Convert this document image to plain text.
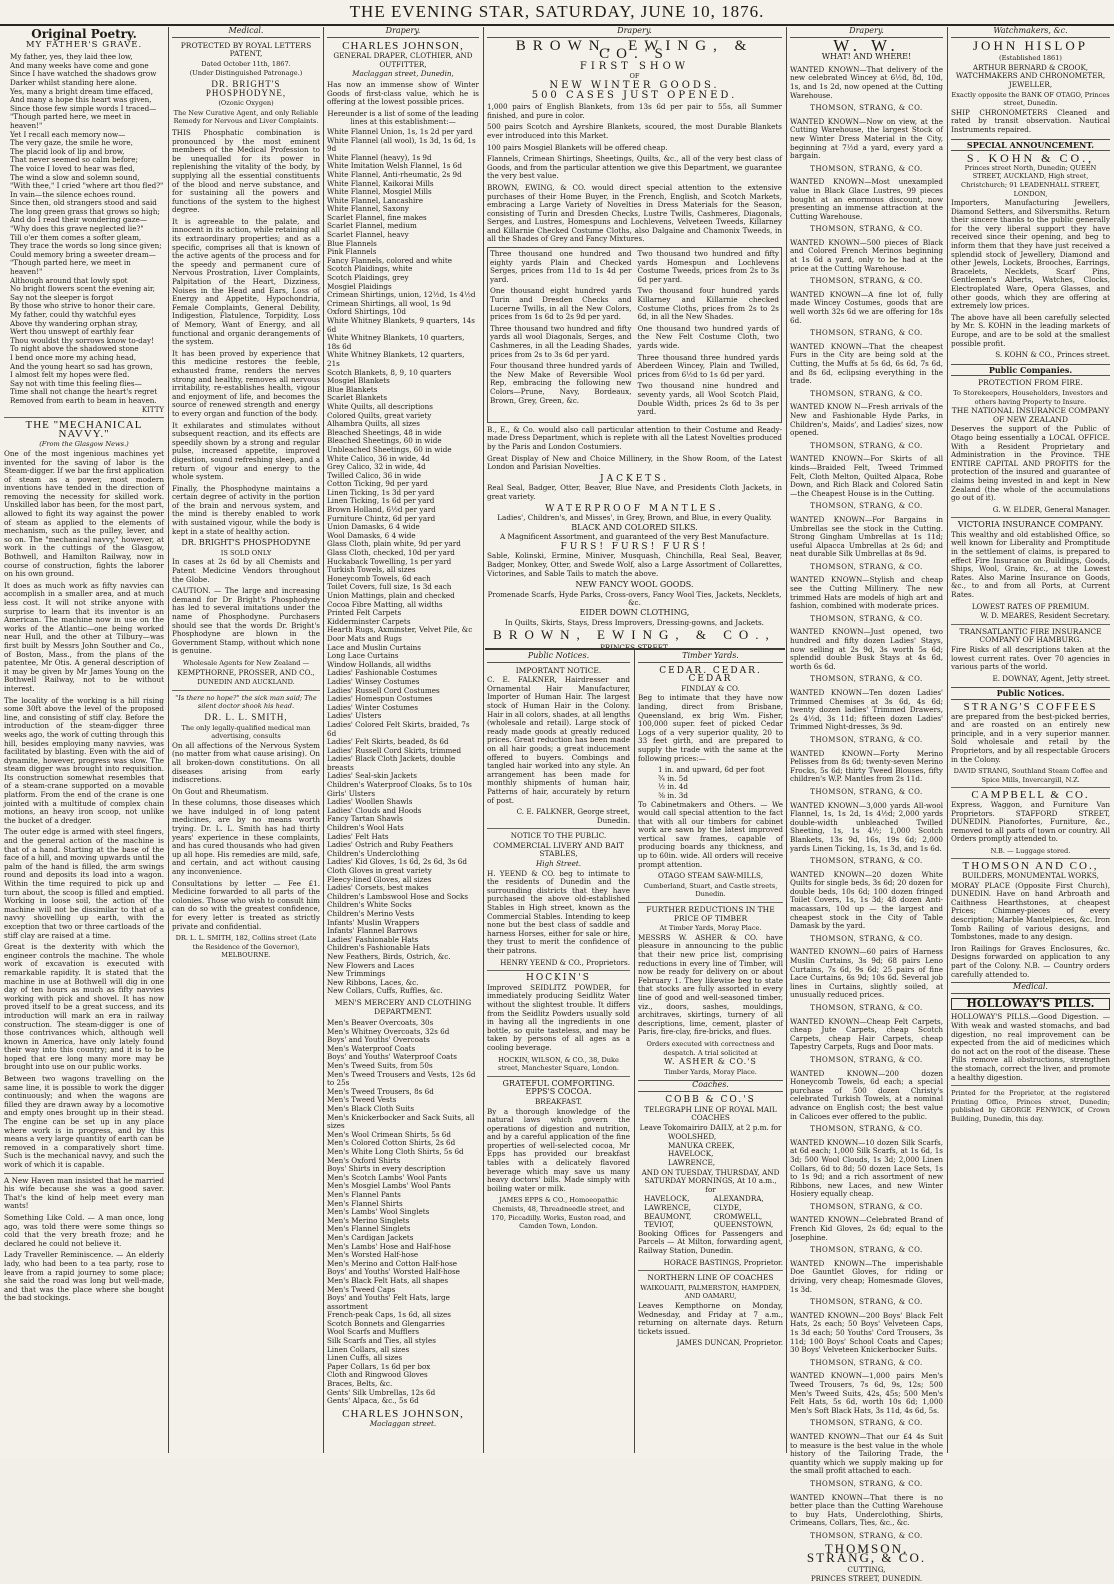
THE EVENING STAR, SATURDAY, JUNE 10, 1876.
Original Poetry.
MY FATHER'S GRAVE.

My father, yes, they laid thee low,

And many weeks have come and gone

Since I have watched the shadows grow

Darker whilst standing here alone.

Yes, many a bright dream time effaced,

And many a hope this heart was given,

Since those few simple words I traced—

"Though parted here, we meet in heaven!"

Yet I recall each memory now—

The very gaze, the smile he wore,

The placid look of lip and brow,

That never seemed so calm before;

The voice I loved to hear was fled,

The wind a slow and solemn sound,

"With thee," I cried "where art thou fled?"

In vain—the silence echoes round.

Since then, old strangers stood and said

The long green grass that grows so high;

And do I read their wondering gaze—

"Why does this grave neglected lie?"

Till o'er them comes a softer gleam,

They trace the words so long since given;

Could memory bring a sweeter dream—

"Though parted here, we meet in heaven!"

Although around that lowly spot

No bright flowers scent the evening air,

Say not the sleeper is forgot

By those who strive to honor their care.

My father, could thy watchful eyes

Above thy wandering orphan stray,

Wert thou unswept of earthly fear

Thou wouldst thy sorrows know to-day!

To night above the shadowed stone

I bend once more my aching head,

And the young heart so sad has grown,

I almost felt my hopes were fled.

Say not with time this feeling flies—

Time shall not change the heart's regret

Removed from earth to beam in heaven.

KITTY
THE "MECHANICAL NAVVY."
(From the Glasgow News.)
One of the most ingenious machines yet invented for the saving of labor is the Steam-digger. If we bar the first application of steam as a power, most modern inventions have tended in the direction of removing the necessity for skilled work. Unskilled labor has been, for the most part, allowed to fight its way against the power of steam as applied to the elements of mechanism, such as the pulley, lever, and so on. The "mechanical navvy," however, at work in the cuttings of the Glasgow, Bothwell, and Hamilton Railway, now in course of construction, fights the laborer on his own ground.
It does as much work as fifty navvies can accomplish in a smaller area, and at much less cost. It will not strike anyone with surprise to learn that its inventor is an American. The machine now in use on the works of the Atlantic—one being worked near Hull, and the other at Tilbury—was first built by Messrs John Souther and Co., of Boston, Mass., from the plans of the patentee, Mr Otis. A general description of it may be given by Mr James Young on the Bothwell Railway, not to be without interest.
The locality of the working is a hill rising some 30ft above the level of the proposed line, and consisting of stiff clay. Before the introduction of the steam-digger three weeks ago, the work of cutting through this hill, besides employing many navvies, was facilitated by blasting. Even with the aid of dynamite, however, progress was slow. The steam digger was brought into requisition. Its construction somewhat resembles that of a steam-crane supported on a movable platform. From the end of the crane is one jointed with a multitude of complex chain motions, an heavy iron scoop, not unlike the bucket of a dredger.
The outer edge is armed with steel fingers, and the general action of the machine is that of a hand. Starting at the base of the face of a hill, and moving upwards until the palm of the hand is filled, the arm swings round and deposits its load into a wagon. Within the time required to pick up and turn about, the scoop is filled and emptied. Working in loose soil, the action of the machine will not be dissimilar to that of a navvy shovelling up earth, with the exception that two or three cartloads of the stiff clay are raised at a time.
Great is the dexterity with which the engineer controls the machine. The whole work of excavation is executed with remarkable rapidity. It is stated that the machine in use at Bothwell will dig in one day of ten hours as much as fifty navvies working with pick and shovel. It has now proved itself to be a great success, and its introduction will mark an era in railway construction. The steam-digger is one of those contrivances which, although well known in America, have only lately found their way into this country; and it is to be hoped that ere long many more may be brought into use on our public works.
Between two wagons travelling on the same line, it is possible to work the digger continuously; and when the wagons are filled they are drawn away by a locomotive and empty ones brought up in their stead. The engine can be set up in any place where work is in progress, and by this means a very large quantity of earth can be removed in a comparatively short time. Such is the mechanical navvy, and such the work of which it is capable.
A New Haven man insisted that he married his wife because she was a good saver. That's the kind of help meet every man wants!
Something Like Cold. — A man once, long ago, was told there were some things so cold that the very breath froze; and he declared he could not believe it.
Lady Traveller Reminiscence. — An elderly lady, who had been to a tea party, rose to leave from a rapid journey to some place; she said the road was long but well-made, and that was the place where she bought the bad stockings.
Medical.
PROTECTED BY ROYAL LETTERS PATENT,
Dated October 11th, 1867.
(Under Distinguished Patronage.)
DR. BRIGHT'S PHOSPHODYNE,
(Ozonic Oxygen)
The New Curative Agent, and only Reliable Remedy for Nervous and Liver Complaints.
THIS Phosphatic combination is pronounced by the most eminent members of the Medical Profession to be unequalled for its power in replenishing the vitality of the body, by supplying all the essential constituents of the blood and nerve substance, and for sustaining all the powers and functions of the system to the highest degree.
It is agreeable to the palate, and innocent in its action, while retaining all its extraordinary properties; and as a specific, comprises all that is known of the active agents of the process and for the speedy and permanent cure of Nervous Prostration, Liver Complaints, Palpitation of the Heart, Dizziness, Noises in the Head and Ears, Loss of Energy and Appetite, Hypochondria, Female Complaints, General Debility, Indigestion, Flatulence, Torpidity, Loss of Memory, Want of Energy, and all functional and organic derangements of the system.
It has been proved by experience that this medicine restores the feeble, exhausted frame, renders the nerves strong and healthy, removes all nervous irritability, re-establishes health, vigour and enjoyment of life, and becomes the source of renewed strength and energy to every organ and function of the body.
It exhilarates and stimulates without subsequent reaction, and its effects are speedily shown by a strong and regular pulse, increased appetite, improved digestion, sound refreshing sleep, and a return of vigour and energy to the whole system.
Finally, the Phosphodyne maintains a certain degree of activity in the portion of the brain and nervous system, and the mind is thereby enabled to work with sustained vigour, while the body is kept in a state of healthy action.
DR. BRIGHT'S PHOSPHODYNE
IS SOLD ONLY
In cases at 2s 6d by all Chemists and Patent Medicine Vendors throughout the Globe.
CAUTION. — The large and increasing demand for Dr Bright's Phosphodyne has led to several imitations under the name of Phosphodyne. Purchasers should see that the words Dr. Bright's Phosphodyne are blown in the Government Stamp, without which none is genuine.
Wholesale Agents for New Zealand —
KEMPTHORNE, PROSSER, AND CO.,
DUNEDIN AND AUCKLAND.
"Is there no hope?" the sick man said; The silent doctor shook his head.
DR. L. L. SMITH,
The only legally-qualified medical man advertising, consults
On all affections of the Nervous System (no matter from what cause arising). On all broken-down constitutions. On all diseases arising from early indiscretions.
On Gout and Rheumatism.
In these columns, those diseases which we have indulged in of long patent medicines, are by no means worth trying. Dr. L. L. Smith has had thirty years' experience in these complaints, and has cured thousands who had given up all hope. His remedies are mild, safe, and certain, and act without causing any inconvenience.
Consultations by letter — Fee £1. Medicine forwarded to all parts of the colonies. Those who wish to consult him can do so with the greatest confidence, for every letter is treated as strictly private and confidential.
DR. L. L. SMITH, 182, Collins street (Late the Residence of the Governor), MELBOURNE.
Drapery.
CHARLES JOHNSON,
GENERAL DRAPER, CLOTHIER, AND OUTFITTER,
Maclaggan street, Dunedin,
Has now an immense show of Winter Goods of first-class value, which he is offering at the lowest possible prices.
Hereunder is a list of some of the leading lines at this establishment:—
White Flannel Union, 1s, 1s 2d per yard
White Flannel (all wool), 1s 3d, 1s 6d, 1s 9d
White Flannel (heavy), 1s 9d
White Imitation Welsh Flannel, 1s 6d
White Flannel, Anti-rheumatic, 2s 9d
White Flannel, Kaikorai Mills
White Flannel, Mosgiel Mills
White Flannel, Lancashire
White Flannel, Saxony
Scarlet Flannel, fine makes
Scarlet Flannel, medium
Scarlet Flannel, heavy
Blue Flannels
Pink Flannels
Fancy Flannels, colored and white
Scotch Plaidings, white
Scotch Plaidings, grey
Mosgiel Plaidings
Crimean Shirtings, union, 12½d, 1s 4½d
Crimean Shirtings, all wool, 1s 9d
Oxford Shirtings, 10d
White Whitney Blankets, 9 quarters, 14s 6d
White Whitney Blankets, 10 quarters, 18s 6d
White Whitney Blankets, 12 quarters, 21s
Scotch Blankets, 8, 9, 10 quarters
Mosgiel Blankets
Blue Blankets
Scarlet Blankets
White Quilts, all descriptions
Colored Quilts, great variety
Alhambra Quilts, all sizes
Bleached Sheetings, 48 in wide
Bleached Sheetings, 60 in wide
Unbleached Sheetings, 60 in wide
White Calico, 36 in wide, 4d
Grey Calico, 32 in wide, 4d
Twilled Calico, 36 in wide
Cotton Ticking, 9d per yard
Linen Ticking, 1s 3d per yard
Linen Ticking, 1s 6d per yard
Brown Holland, 6½d per yard
Furniture Chintz, 6d per yard
Union Damasks, 6 4 wide
Wool Damasks, 6 4 wide
Glass Cloth, plain white, 9d per yard
Glass Cloth, checked, 10d per yard
Huckaback Towelling, 1s per yard
Turkish Towels, all sizes
Honeycomb Towels, 6d each
Toilet Covers, full size, 1s 3d each
Union Mattings, plain and checked
Cocoa Fibre Matting, all widths
Printed Felt Carpets
Kidderminster Carpets
Hearth Rugs, Axminster, Velvet Pile, &c
Door Mats and Rugs
Lace and Muslin Curtains
Long Lace Curtains
Window Hollands, all widths
Ladies' Fashionable Costumes
Ladies' Winsey Costumes
Ladies' Russell Cord Costumes
Ladies' Homespun Costumes
Ladies' Winter Costumes
Ladies' Ulsters
Ladies' Colored Felt Skirts, braided, 7s 6d
Ladies' Felt Skirts, beaded, 8s 6d
Ladies' Russell Cord Skirts, trimmed
Ladies' Black Cloth Jackets, double breasts
Ladies' Seal-skin Jackets
Children's Waterproof Cloaks, 5s to 10s
Girls' Ulsters
Ladies' Woollen Shawls
Ladies' Clouds and Hoods
Fancy Tartan Shawls
Children's Wool Hats
Ladies' Felt Hats
Ladies' Ostrich and Ruby Feathers
Children's Underclothing
Ladies' Kid Gloves, 1s 6d, 2s 6d, 3s 6d
Cloth Gloves in great variety
Fleecy-lined Gloves, all sizes
Ladies' Corsets, best makes
Children's Lambswool Hose and Socks
Children's White Socks
Children's Merino Vests
Infants' Muslin Wrappers
Infants' Flannel Barrows
Ladies' Fashionable Hats
Children's Fashionable Hats
New Feathers, Birds, Ostrich, &c.
New Flowers and Laces
New Trimmings
New Ribbons, Laces, &c.
New Collars, Cuffs, Ruffles, &c.
MEN'S MERCERY AND CLOTHING DEPARTMENT.
Men's Beaver Overcoats, 30s
Men's Whitney Overcoats, 32s 6d
Boys' and Youths' Overcoats
Men's Waterproof Coats
Boys' and Youths' Waterproof Coats
Men's Tweed Suits, from 50s
Men's Tweed Trousers and Vests, 12s 6d to 25s
Men's Tweed Trousers, 8s 6d
Men's Tweed Vests
Men's Black Cloth Suits
Men's Knickerbocker and Sack Suits, all sizes
Men's Wool Crimean Shirts, 5s 6d
Men's Colored Cotton Shirts, 2s 6d
Men's White Long Cloth Shirts, 5s 6d
Men's Oxford Shirts
Boys' Shirts in every description
Men's Scotch Lambs' Wool Pants
Men's Mosgiel Lambs' Wool Pants
Men's Flannel Pants
Men's Flannel Shirts
Men's Lambs' Wool Singlets
Men's Merino Singlets
Men's Flannel Singlets
Men's Cardigan Jackets
Men's Lambs' Hose and Half-hose
Men's Worsted Half-hose
Men's Merino and Cotton Half-hose
Boys' and Youths' Worsted Half-hose
Men's Black Felt Hats, all shapes
Men's Tweed Caps
Boys' and Youths' Felt Hats, large assortment
French-peak Caps, 1s 6d, all sizes
Scotch Bonnets and Glengarries
Wool Scarfs and Mufflers
Silk Scarfs and Ties, all styles
Linen Collars, all sizes
Linen Cuffs, all sizes
Paper Collars, 1s 6d per box
Cloth and Ringwood Gloves
Braces, Belts, &c.
Gents' Silk Umbrellas, 12s 6d
Gents' Alpaca, &c., 5s 6d
CHARLES JOHNSON,
Maclaggan street.
Drapery.
BROWN, EWING, & CO.'S
FIRST SHOW
OF
NEW WINTER GOODS.
500 CASES JUST OPENED.
1,000 pairs of English Blankets, from 13s 6d per pair to 55s, all Summer finished, and pure in color.
500 pairs Scotch and Ayrshire Blankets, scoured, the most Durable Blankets ever introduced into this Market.
100 pairs Mosgiel Blankets will be offered cheap.
Flannels, Crimean Shirtings, Sheetings, Quilts, &c., all of the very best class of Goods, and from the particular attention we give this Department, we guarantee the very best value.
BROWN, EWING, & CO. would direct special attention to the extensive purchases of their Home Buyer, in the French, English, and Scotch Markets, embracing a Large Variety of Novelties in Dress Materials for the Season, consisting of Turin and Dresden Checks, Lustre Twills, Cashmeres, Diagonals, Serges, and Lustres, Homespuns and Lochlevens, Velveteen Tweeds, Killarney and Killarnie Checked Costume Cloths, also Dalgaine and Chamonix Tweeds, in all the Shades of Grey and Fancy Mixtures.
Three thousand one hundred and eighty yards Plain and Checked Serges, prices from 11d to 1s 4d per yard.
One thousand eight hundred yards Turin and Dresden Checks and Lucerne Twills, in all the New Colors, prices from 1s 6d to 2s 9d per yard.
Three thousand two hundred and fifty yards all wool Diagonals, Serges, and Cashmeres, in all the Leading Shades, prices from 2s to 3s 6d per yard.
Four thousand three hundred yards of the New Make of Reversible Wool Rep, embracing the following new Colors—Prune, Navy, Bordeaux, Brown, Grey, Green, &c.
Two thousand two hundred and fifty yards Homespun and Lochlevens Costume Tweeds, prices from 2s to 3s 6d per yard.
Two thousand four hundred yards Killarney and Killarnie checked Costume Cloths, prices from 2s to 2s 6d, in all the New Shades.
One thousand two hundred yards of the New Felt Costume Cloth, two yards wide.
Three thousand three hundred yards Aberdeen Wincey, Plain and Twilled, prices from 6½d to 1s 6d per yard.
Two thousand nine hundred and seventy yards, all Wool Scotch Plaid, Double Width, prices 2s 6d to 3s per yard.
B., E., & Co. would also call particular attention to their Costume and Ready-made Dress Department, which is replete with all the Latest Novelties produced by the Paris and London Costumiers.
Great Display of New and Choice Millinery, in the Show Room, of the Latest London and Parisian Novelties.
JACKETS.
Real Seal, Badger, Otter, Beaver, Blue Nave, and Presidents Cloth Jackets, in great variety.
WATERPROOF MANTLES.
Ladies', Children's, and Misses', in Grey, Brown, and Blue, in every Quality.
BLACK AND COLORED SILKS.
A Magnificent Assortment, and guaranteed of the very Best Manufacture.
FURS! FURS! FURS!
Sable, Kolinski, Ermine, Miniver, Musquash, Chinchilla, Real Seal, Beaver, Badger, Monkey, Otter, and Swede Wolf, also a Large Assortment of Collarettes, Victorines, and Sable Tails to match the above.
NEW FANCY WOOL GOODS.
Promenade Scarfs, Hyde Parks, Cross-overs, Fancy Wool Ties, Jackets, Necklets, &c.
EIDER DOWN CLOTHING,
In Quilts, Skirts, Stays, Dress Improvers, Dressing-gowns, and Jackets.
BROWN, EWING, & CO.,
Public Notices.
IMPORTANT NOTICE.
C. E. FALKNER, Hairdresser and Ornamental Hair Manufacturer, Importer of Human Hair. The largest stock of Human Hair in the Colony. Hair in all colors, shades, at all lengths (wholesale and retail). Large stock of ready made goods at greatly reduced prices. Great reduction has been made on all hair goods; a great inducement offered to buyers. Combings and tangled hair worked into any style. An arrangement has been made for monthly shipments of human hair, Patterns of hair, accurately by return of post.
C. E. FALKNER, George street, Dunedin.
NOTICE TO THE PUBLIC.
COMMERCIAL LIVERY AND BAIT STABLES,
High Street.
H. YEEND & CO. beg to intimate to the residents of Dunedin and the surrounding districts that they have purchased the above old-established Stables in High street, known as the Commercial Stables. Intending to keep none but the best class of saddle and harness Horses, either for sale or hire, they trust to merit the confidence of their patrons.
HENRY YEEND & CO., Proprietors.
HOCKIN'S
Improved SEIDLITZ POWDER, for immediately producing Seidlitz Water without the slightest trouble. It differs from the Seidlitz Powders usually sold in having all the ingredients in one bottle, so quite tasteless, and may be taken by persons of all ages as a cooling beverage.
HOCKIN, WILSON, & CO., 38, Duke street, Manchester Square, London.
GRATEFUL COMFORTING. EPPS'S COCOA.
BREAKFAST.
By a thorough knowledge of the natural laws which govern the operations of digestion and nutrition, and by a careful application of the fine properties of well-selected cocoa, Mr Epps has provided our breakfast tables with a delicately flavored beverage which may save us many heavy doctors' bills. Made simply with boiling water or milk.
JAMES EPPS & CO., Homoeopathic Chemists, 48, Threadneedle street, and 170, Piccadilly. Works, Euston road, and Camden Town, London.
Timber Yards.
CEDAR. CEDAR. CEDAR
FINDLAY & CO.
Beg to intimate that they have now landing, direct from Brisbane, Queensland, ex brig Wm. Fisher, 100,000 super. feet of picked Cedar Logs of a very superior quality, 20 to 33 feet girth, and are prepared to supply the trade with the same at the following prices:—
1 in. and upward, 6d per foot
¾ in. 5d
½ in. 4d
⅜ in. 3d
To Cabinetmakers and Others. — We would call special attention to the fact that with all our timbers for cabinet work are sawn by the latest improved vertical saw frames, capable of producing boards any thickness, and up to 60in. wide. All orders will receive prompt attention.
OTAGO STEAM SAW-MILLS,
Cumberland, Stuart, and Castle streets, Dunedin.
FURTHER REDUCTIONS IN THE PRICE OF TIMBER
At Timber Yards, Moray Place.
MESSRS W. ASHER & CO. have pleasure in announcing to the public that their new price list, comprising reductions in every line of Timber, will now be ready for delivery on or about February 1. They likewise beg to state that stocks are fully assorted in every line of good and well-seasoned timber, viz., doors, sashes, mouldings, architraves, skirtings, turnery of all descriptions, lime, cement, plaster of Paris, fire-clay, fire-bricks, and flues.
Orders executed with correctness and despatch. A trial solicited at
W. ASHER & CO.'S
Timber Yards, Moray Place.
Coaches.
COBB & CO.'S
TELEGRAPH LINE OF ROYAL MAIL COACHES
Leave Tokomairiro DAILY, at 2 p.m. for
WOOLSHED,
MANUKA CREEK,
HAVELOCK,
LAWRENCE,
AND ON TUESDAY, THURSDAY, AND SATURDAY MORNINGS, At 10 a.m., for
HAVELOCK,	ALEXANDRA,
LAWRENCE,	CLYDE,
BEAUMONT,	CROMWELL,
TEVIOT,	QUEENSTOWN,
Booking Offices for Passengers and Parcels — At Milton, forwarding agent, Railway Station, Dunedin.
HORACE BASTINGS, Proprietor.
NORTHERN LINE OF COACHES
WAIKOUAITI, PALMERSTON, HAMPDEN, AND OAMARU,
Leaves Kempthorne on Monday, Wednesday, and Friday at 7 a.m., returning on alternate days. Return tickets issued.
JAMES DUNCAN, Proprietor.
Drapery.
W. W.
WHAT! AND WHERE!
WANTED KNOWN—That delivery of the new celebrated Wincey at 6½d, 8d, 10d, 1s, and 1s 2d, now opened at the Cutting Warehouse.
THOMSON, STRANG, & CO.
WANTED KNOWN—Now on view, at the Cutting Warehouse, the largest Stock of new Winter Dress Material in the City, beginning at 7½d a yard, every yard a bargain.
THOMSON, STRANG, & CO.
WANTED KNOWN—Most unexampled value in Black Glace Lustres, 99 pieces bought at an enormous discount, now presenting an immense attraction at the Cutting Warehouse.
THOMSON, STRANG, & CO.
WANTED KNOWN—500 pieces of Black and Colored French Merinos beginning at 1s 6d a yard, only to be had at the price at the Cutting Warehouse.
THOMSON, STRANG, & CO.
WANTED KNOWN—A fine lot of, fully made Wincey Costumes, goods that are well worth 32s 6d we are offering for 18s 6d.
THOMSON, STRANG, & CO.
WANTED KNOWN—That the cheapest Furs in the City are being sold at the Cutting, the Muffs at 5s 6d, 6s 6d, 7s 6d, and 8s 6d, eclipsing everything in the trade.
THOMSON, STRANG, & CO.
WANTED KNOW N—Fresh arrivals of the New and Fashionable Hyde Parks, in Children's, Maids', and Ladies' sizes, now opened.
THOMSON, STRANG, & CO.
WANTED KNOWN—For Skirts of all kinds—Braided Felt, Tweed Trimmed Felt, Cloth Melton, Quilted Alpaca, Robe Down, and Rich Black and Colored Satin—the Cheapest House is in the Cutting.
THOMSON, STRANG, & CO.
WANTED KNOWN—For Bargains in Umbrellas see the stock in the Cutting. Strong Gingham Umbrellas at 1s 11d; useful Alpacca Umbrellas at 2s 6d; and neat durable Silk Umbrellas at 8s 9d.
THOMSON, STRANG, & CO.
WANTED KNOWN—Stylish and cheap see the Cutting Millinery. The new trimmed Hats are models of high art and fashion, combined with moderate prices.
THOMSON, STRANG, & CO.
WANTED KNOWN—Just opened, two hundred and fifty dozen Ladies' Stays, now selling at 2s 9d, 3s worth 5s 6d; splendid double Busk Stays at 4s 6d, worth 6s 6d.
THOMSON, STRANG, & CO.
WANTED KNOWN—Ten dozen Ladies' Trimmed Chemises at 3s 6d, 4s 6d; twenty dozen ladies' Trimmed Drawers, 2s 4½d, 3s 11d; fifteen dozen Ladies' Trimmed Night-dresses, 3s 9d.
THOMSON, STRANG, & CO.
WANTED KNOWN—Forty Merino Pelisses from 8s 6d; twenty-seven Merino Frocks, 5s 6d; thirty Tweed Blouses, fifty children's W.P. Mantles from 2s 11d.
THOMSON, STRANG, & CO.
WANTED KNOWN—3,000 yards All-wool Flannel, 1s, 1s 2d, 1s 4½d; 2,000 yards double-width unbleached Twilled Sheeting, 1s, 1s 4½; 1,000 Scotch Blankets, 13s 9d, 16s, 19s 6d; 2,000 yards Linen Ticking, 1s, 1s 3d, and 1s 6d.
THOMSON, STRANG, & CO.
WANTED KNOWN—20 dozen White Quilts for single beds, 3s 6d; 20 dozen for double beds, 10s 6d; 100 dozen fringed Toilet Covers, 1s, 1s 3d; 48 dozen Anti-macassars, 10d up — the largest and cheapest stock in the City of Table Damask by the yard.
THOMSON, STRANG, & CO.
WANTED KNOWN—60 pairs of Harness Muslin Curtains, 3s 9d; 68 pairs Leno Curtains, 7s 6d, 9s 6d; 25 pairs of fine Lace Curtains, 6s 9d; 10s 6d. Several job lines in Curtains, slightly soiled, at unusually reduced prices.
THOMSON, STRANG, & CO.
WANTED KNOWN—Cheap Felt Carpets, cheap Jute Carpets, cheap Scotch Carpets, cheap Hair Carpets, cheap Tapestry Carpets, Rugs and Door mats.
THOMSON, STRANG, & CO.
WANTED KNOWN—200 dozen Honeycomb Towels, 6d each; a special purchase of 500 dozen Christy's celebrated Turkish Towels, at a nominal advance on English cost; the best value in Calicoes ever offered to the public.
THOMSON, STRANG, & CO.
WANTED KNOWN—10 dozen Silk Scarfs, at 6d each; 1,000 Silk Scarfs, at 1s 6d, 1s 3d; 500 Wool Clouds, 1s 3d; 2,000 Linen Collars, 6d to 8d; 50 dozen Lace Sets, 1s to 1s 9d; and a rich assortment of new Ribbons, new Laces, and new Winter Hosiery equally cheap.
THOMSON, STRANG, & CO.
WANTED KNOWN—Celebrated Brand of French Kid Gloves, 2s 6d; equal to the Josephine.
THOMSON, STRANG, & CO.
WANTED KNOWN—The imperishable Doe Gauntlet Gloves, for riding or driving, very cheap; Homesmade Gloves, 1s 3d.
THOMSON, STRANG, & CO.
WANTED KNOWN—200 Boys' Black Felt Hats, 2s each; 50 Boys' Velveteen Caps, 1s 3d each; 50 Youths' Cord Trousers, 3s 11d; 100 Boys' School Coats and Capes; 30 Boys' Velveteen Knickerbocker Suits.
THOMSON, STRANG, & CO.
WANTED KNOWN—1,000 pairs Men's Tweed Trousers, 7s 6d, 9s, 12s; 500 Men's Tweed Suits, 42s, 45s; 500 Men's Felt Hats, 5s 6d, worth 10s 6d; 1,000 Men's Soft Black Hats, 3s 11d, 4s 6d, 5s.
THOMSON, STRANG, & CO.
WANTED KNOWN—That our £4 4s Suit to measure is the best value in the whole history of the Tailoring Trade, the quantity which we supply making up for the small profit attached to each.
THOMSON, STRANG, & CO.
WANTED KNOWN—That there is no better place than the Cutting Warehouse to buy Hats, Underclothing, Shirts, Crimeans, Collars, Ties, &c., &c.
THOMSON, STRANG, & CO.
THOMSON, STRANG, & CO.
CUTTING,
PRINCES STREET, DUNEDIN.
Watchmakers, &c.
JOHN HISLOP
(Established 1861)
ARTHUR BERNARD & CROOK, WATCHMAKERS AND CHRONOMETER, JEWELLER,
Exactly opposite the BANK OF OTAGO, Princes street, Dunedin.
SHIP CHRONOMETERS Cleaned and rated by transit observation. Nautical Instruments repaired.
SPECIAL ANNOUNCEMENT.
S. KOHN & CO.,
Princes street North, Dunedin; QUEEN STREET, AUCKLAND, High street, Christchurch; 91 LEADENHALL STREET, LONDON,
Importers, Manufacturing Jewellers, Diamond Setters, and Silversmiths. Return their sincere thanks to the public generally for the very liberal support they have received since their opening, and beg to inform them that they have just received a splendid stock of Jewellery, Diamond and other Jewels, Lockets, Brooches, Earrings, Bracelets, Necklets, Scarf Pins, Gentlemen's Alberts, Watches, Clocks, Electroplated Ware, Opera Glasses, and other goods, which they are offering at extremely low prices.
The above have all been carefully selected by Mr. S. KOHN in the leading markets of Europe, and are to be sold at the smallest possible profit.
S. KOHN & CO., Princes street.
Public Companies.
PROTECTION FROM FIRE.
To Storekeepers, Householders, Investors and others having Property to Insure.
THE NATIONAL INSURANCE COMPANY OF NEW ZEALAND
Deserves the support of the Public of Otago being essentially a LOCAL OFFICE. With a Resident Proprietary and Administration in the Province. THE ENTIRE CAPITAL AND PROFITS for the protection of the insured and guarantee of claims being invested in and kept in New Zealand (the whole of the accumulations go out of it).
G. W. ELDER, General Manager.
VICTORIA INSURANCE COMPANY.
This wealthy and old established Office, so well known for Liberality and Promptitude in the settlement of claims, is prepared to effect Fire Insurance on Buildings, Goods, Ships, Wool, Grain, &c., at the Lowest Rates. Also Marine Insurance on Goods, &c., to and from all Ports, at Current Rates.
LOWEST RATES OF PREMIUM.
W. D. MEARES, Resident Secretary.
TRANSATLANTIC FIRE INSURANCE COMPANY OF HAMBURG.
Fire Risks of all descriptions taken at the lowest current rates. Over 70 agencies in various parts of the world.
E. DOWNAY, Agent, Jetty street.
Public Notices.
STRANG'S COFFEES
are prepared from the best-picked berries, and are roasted on an entirely new principle, and in a very superior manner. Sold wholesale and retail by the Proprietors, and by all respectable Grocers in the Colony.
DAVID STRANG, Southland Steam Coffee and Spice Mills, Invercargill, N.Z.
CAMPBELL & CO.
Express, Waggon, and Furniture Van Proprietors. STAFFORD STREET, DUNEDIN. Pianofortes, Furniture, &c., removed to all parts of town or country. All Orders promptly attended to.
N.B. — Luggage stored.
THOMSON AND CO.,
BUILDERS, MONUMENTAL WORKS,
MORAY PLACE (Opposite First Church), DUNEDIN. Have on hand Arbroath and Caithness Hearthstones, at cheapest Prices; Chimney-pieces of every description; Marble Mantelpieces, &c. Iron Tomb Railing of various designs, and Tombstones, made to any design.
Iron Railings for Graves Enclosures, &c. Designs forwarded on application to any part of the Colony. N.B. — Country orders carefully attended to.
Medical.
HOLLOWAY'S PILLS.
HOLLOWAY'S PILLS.—Good Digestion. — With weak and wasted stomachs, and bad digestion, no real improvement can be expected from the aid of medicines which do not act on the root of the disease. These Pills remove all obstructions, strengthen the stomach, correct the liver, and promote a healthy digestion.
Printed for the Proprietor, at the registered Printing Office, Princes street, Dunedin; published by GEORGE FENWICK, of Crown Building, Dunedin, this day.
